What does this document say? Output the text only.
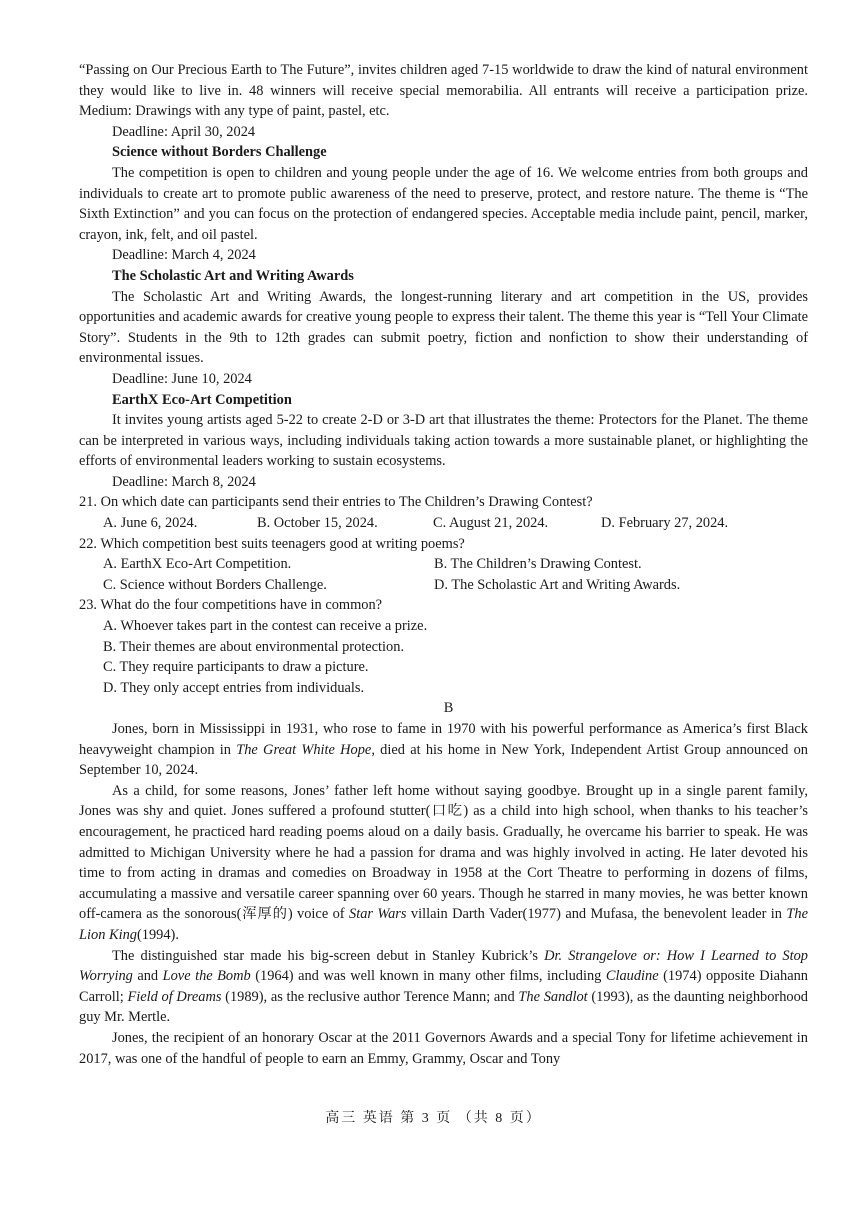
“Passing on Our Precious Earth to The Future”, invites children aged 7-15 worldwide to draw the kind of natural environment they would like to live in. 48 winners will receive special memorabilia. All entrants will receive a participation prize. Medium: Drawings with any type of paint, pastel, etc.

Deadline: April 30, 2024

Science without Borders Challenge

The competition is open to children and young people under the age of 16. We welcome entries from both groups and individuals to create art to promote public awareness of the need to preserve, protect, and restore nature. The theme is “The Sixth Extinction” and you can focus on the protection of endangered species. Acceptable media include paint, pencil, marker, crayon, ink, felt, and oil pastel.

Deadline: March 4, 2024

The Scholastic Art and Writing Awards

The Scholastic Art and Writing Awards, the longest-running literary and art competition in the US, provides opportunities and academic awards for creative young people to express their talent. The theme this year is “Tell Your Climate Story”. Students in the 9th to 12th grades can submit poetry, fiction and nonfiction to show their understanding of environmental issues.

Deadline: June 10, 2024

EarthX Eco-Art Competition

It invites young artists aged 5-22 to create 2-D or 3-D art that illustrates the theme: Protectors for the Planet. The theme can be interpreted in various ways, including individuals taking action towards a more sustainable planet, or highlighting the efforts of environmental leaders working to sustain ecosystems.

Deadline: March 8, 2024

21. On which date can participants send their entries to The Children’s Drawing Contest?

A. June 6, 2024.	B. October 15, 2024.	C. August 21, 2024.	D. February 27, 2024.

22. Which competition best suits teenagers good at writing poems?

A. EarthX Eco-Art Competition.	B. The Children’s Drawing Contest.
C. Science without Borders Challenge.	D. The Scholastic Art and Writing Awards.

23. What do the four competitions have in common?

A. Whoever takes part in the contest can receive a prize.
B. Their themes are about environmental protection.
C. They require participants to draw a picture.
D. They only accept entries from individuals.

B

Jones, born in Mississippi in 1931, who rose to fame in 1970 with his powerful performance as America’s first Black heavyweight champion in The Great White Hope, died at his home in New York, Independent Artist Group announced on September 10, 2024.

As a child, for some reasons, Jones’ father left home without saying goodbye. Brought up in a single parent family, Jones was shy and quiet. Jones suffered a profound stutter(口吃) as a child into high school, when thanks to his teacher’s encouragement, he practiced hard reading poems aloud on a daily basis. Gradually, he overcame his barrier to speak. He was admitted to Michigan University where he had a passion for drama and was highly involved in acting. He later devoted his time to from acting in dramas and comedies on Broadway in 1958 at the Cort Theatre to performing in dozens of films, accumulating a massive and versatile career spanning over 60 years. Though he starred in many movies, he was better known off-camera as the sonorous(浑厚的) voice of Star Wars villain Darth Vader(1977) and Mufasa, the benevolent leader in The Lion King(1994).

The distinguished star made his big-screen debut in Stanley Kubrick’s Dr. Strangelove or: How I Learned to Stop Worrying and Love the Bomb (1964) and was well known in many other films, including Claudine (1974) opposite Diahann Carroll; Field of Dreams (1989), as the reclusive author Terence Mann; and The Sandlot (1993), as the daunting neighborhood guy Mr. Mertle.

Jones, the recipient of an honorary Oscar at the 2011 Governors Awards and a special Tony for lifetime achievement in 2017, was one of the handful of people to earn an Emmy, Grammy, Oscar and Tony

高三 英语 第 3 页 （共 8 页）
